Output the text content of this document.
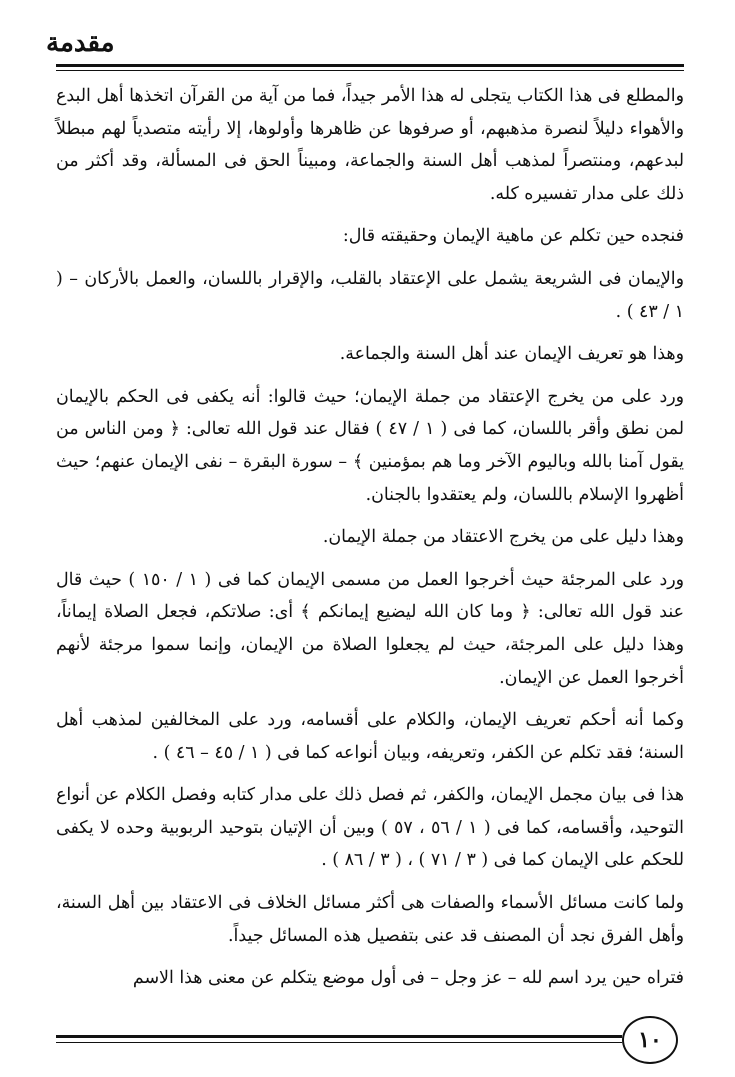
مقدمة

والمطلع فى هذا الكتاب يتجلى له هذا الأمر جيداً، فما من آية من القرآن اتخذها أهل البدع والأهواء دليلاً لنصرة مذهبهم، أو صرفوها عن ظاهرها وأولوها، إلا رأيته متصدياً لهم مبطلاً لبدعهم، ومنتصراً لمذهب أهل السنة والجماعة، ومبيناً الحق فى المسألة، وقد أكثر من ذلك على مدار تفسيره كله.

فنجده حين تكلم عن ماهية الإيمان وحقيقته قال:

والإيمان فى الشريعة يشمل على الإعتقاد بالقلب، والإقرار باللسان، والعمل بالأركان – ( ١ / ٤٣ ) .

وهذا هو تعريف الإيمان عند أهل السنة والجماعة.

ورد على من يخرج الإعتقاد من جملة الإيمان؛ حيث قالوا: أنه يكفى فى الحكم بالإيمان لمن نطق وأقر باللسان، كما فى ( ١ / ٤٧ ) فقال عند قول الله تعالى: ﴿ ومن الناس من يقول آمنا بالله وباليوم الآخر وما هم بمؤمنين ﴾ – سورة البقرة – نفى الإيمان عنهم؛ حيث أظهروا الإسلام باللسان، ولم يعتقدوا بالجنان.

وهذا دليل على من يخرج الاعتقاد من جملة الإيمان.

ورد على المرجئة حيث أخرجوا العمل من مسمى الإيمان كما فى ( ١ / ١٥٠ ) حيث قال عند قول الله تعالى: ﴿ وما كان الله ليضيع إيمانكم ﴾ أى: صلاتكم، فجعل الصلاة إيماناً، وهذا دليل على المرجئة، حيث لم يجعلوا الصلاة من الإيمان، وإنما سموا مرجئة لأنهم أخرجوا العمل عن الإيمان.

وكما أنه أحكم تعريف الإيمان، والكلام على أقسامه، ورد على المخالفين لمذهب أهل السنة؛ فقد تكلم عن الكفر، وتعريفه، وبيان أنواعه كما فى ( ١ / ٤٥ – ٤٦ ) .

هذا فى بيان مجمل الإيمان، والكفر، ثم فصل ذلك على مدار كتابه وفصل الكلام عن أنواع التوحيد، وأقسامه، كما فى ( ١ / ٥٦ ، ٥٧ ) وبين أن الإتيان بتوحيد الربوبية وحده لا يكفى للحكم على الإيمان كما فى ( ٣ / ٧١ ) ، ( ٣ / ٨٦ ) .

ولما كانت مسائل الأسماء والصفات هى أكثر مسائل الخلاف فى الاعتقاد بين أهل السنة، وأهل الفرق نجد أن المصنف قد عنى بتفصيل هذه المسائل جيداً.

فتراه حين يرد اسم لله – عز وجل – فى أول موضع يتكلم عن معنى هذا الاسم

١٠
